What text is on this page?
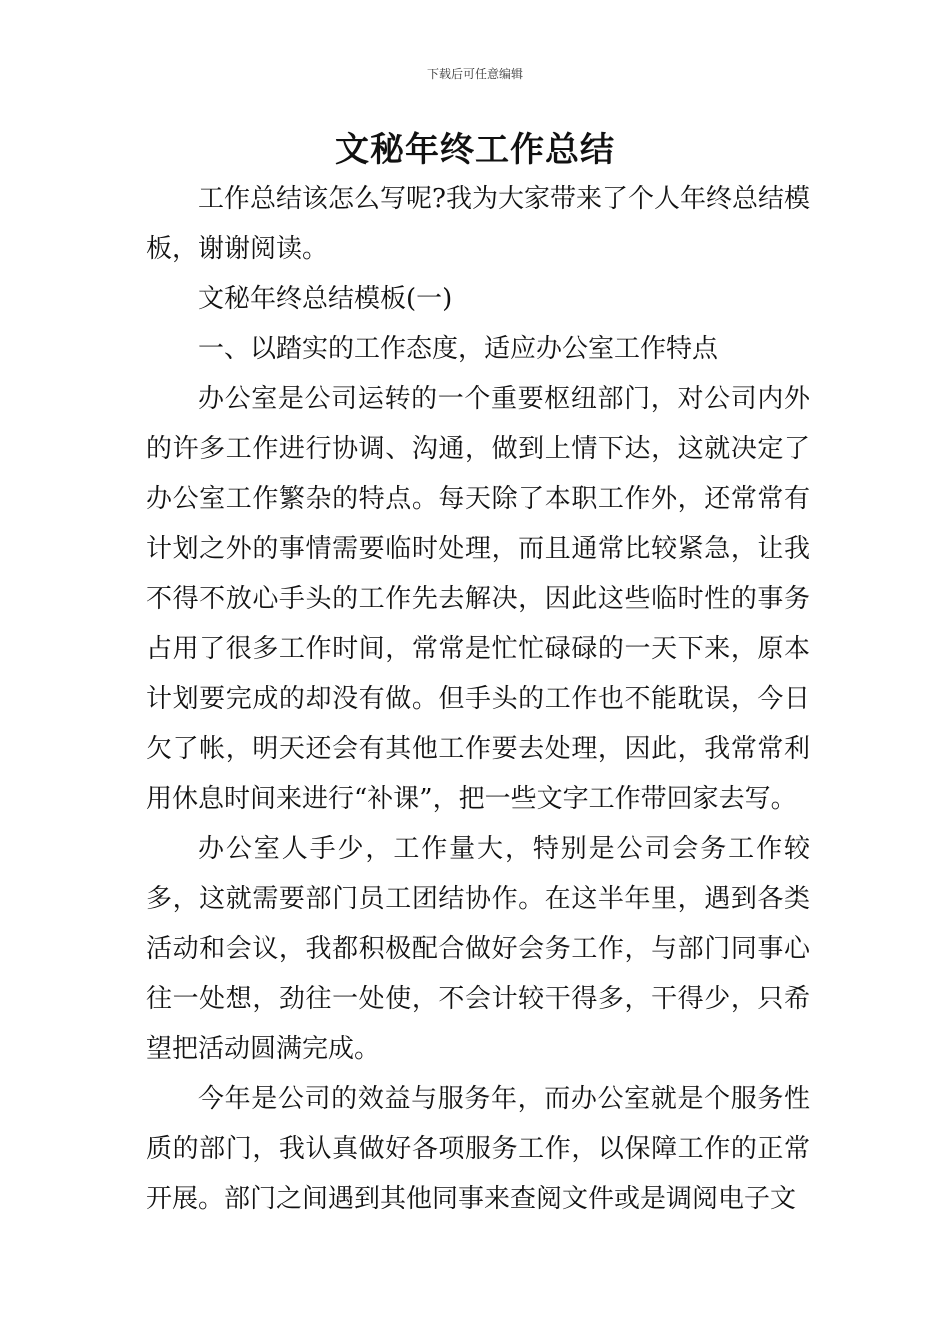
下载后可任意编辑
文秘年终工作总结

工作总结该怎么写呢?我为大家带来了个人年终总结模板，谢谢阅读。

文秘年终总结模板(一)

一、以踏实的工作态度，适应办公室工作特点

办公室是公司运转的一个重要枢纽部门，对公司内外的许多工作进行协调、沟通，做到上情下达，这就决定了办公室工作繁杂的特点。每天除了本职工作外，还常常有计划之外的事情需要临时处理，而且通常比较紧急，让我不得不放心手头的工作先去解决，因此这些临时性的事务占用了很多工作时间，常常是忙忙碌碌的一天下来，原本计划要完成的却没有做。但手头的工作也不能耽误，今日欠了帐，明天还会有其他工作要去处理，因此，我常常利用休息时间来进行“补课”，把一些文字工作带回家去写。

办公室人手少，工作量大，特别是公司会务工作较多，这就需要部门员工团结协作。在这半年里，遇到各类活动和会议，我都积极配合做好会务工作，与部门同事心往一处想，劲往一处使，不会计较干得多，干得少，只希望把活动圆满完成。

今年是公司的效益与服务年，而办公室就是个服务性质的部门，我认真做好各项服务工作，以保障工作的正常开展。部门之间遇到其他同事来查阅文件或是调阅电子文
